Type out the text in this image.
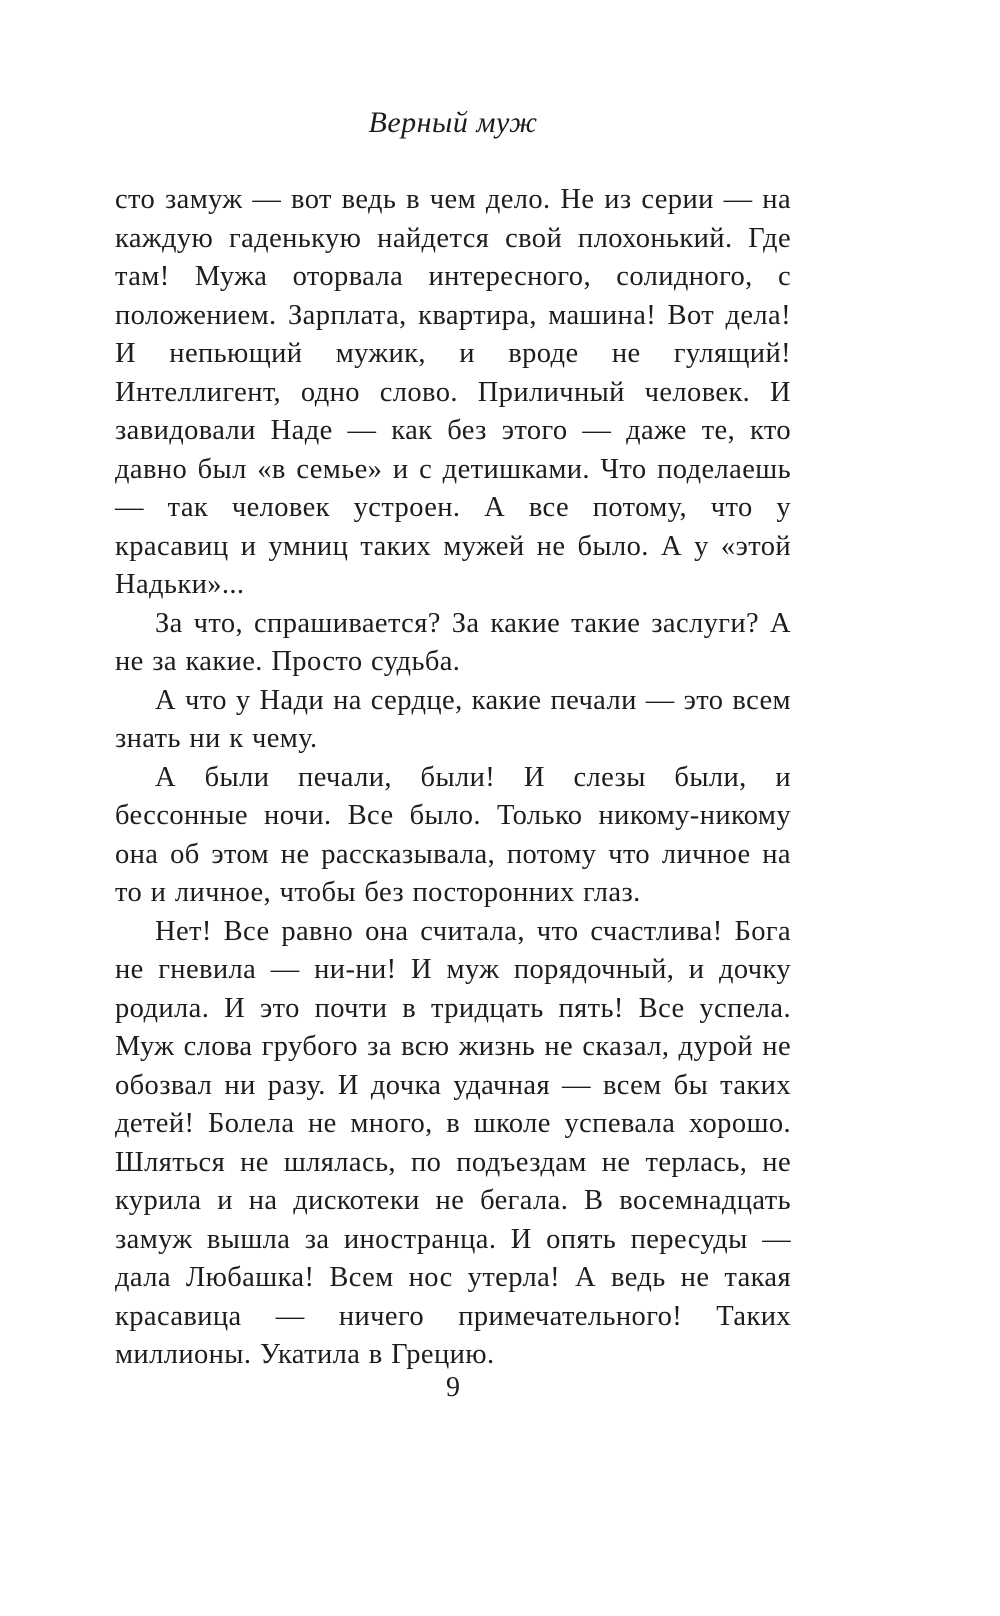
Верный муж

сто замуж — вот ведь в чем дело. Не из серии — на каждую гаденькую найдется свой плохонький. Где там! Мужа оторвала интересного, солидного, с положением. Зарплата, квартира, машина! Вот дела! И непьющий мужик, и вроде не гулящий! Интеллигент, одно слово. Приличный человек. И завидовали Наде — как без этого — даже те, кто давно был «в семье» и с детишками. Что поделаешь — так человек устроен. А все потому, что у красавиц и умниц таких мужей не было. А у «этой Надьки»...

За что, спрашивается? За какие такие заслуги? А не за какие. Просто судьба.

А что у Нади на сердце, какие печали — это всем знать ни к чему.

А были печали, были! И слезы были, и бессонные ночи. Все было. Только никому-никому она об этом не рассказывала, потому что личное на то и личное, чтобы без посторонних глаз.

Нет! Все равно она считала, что счастлива! Бога не гневила — ни-ни! И муж порядочный, и дочку родила. И это почти в тридцать пять! Все успела. Муж слова грубого за всю жизнь не сказал, дурой не обозвал ни разу. И дочка удачная — всем бы таких детей! Болела не много, в школе успевала хорошо. Шляться не шлялась, по подъездам не терлась, не курила и на дискотеки не бегала. В восемнадцать замуж вышла за иностранца. И опять пересуды — дала Любашка! Всем нос утерла! А ведь не такая красавица — ничего примечательного! Таких миллионы. Укатила в Грецию.

9
